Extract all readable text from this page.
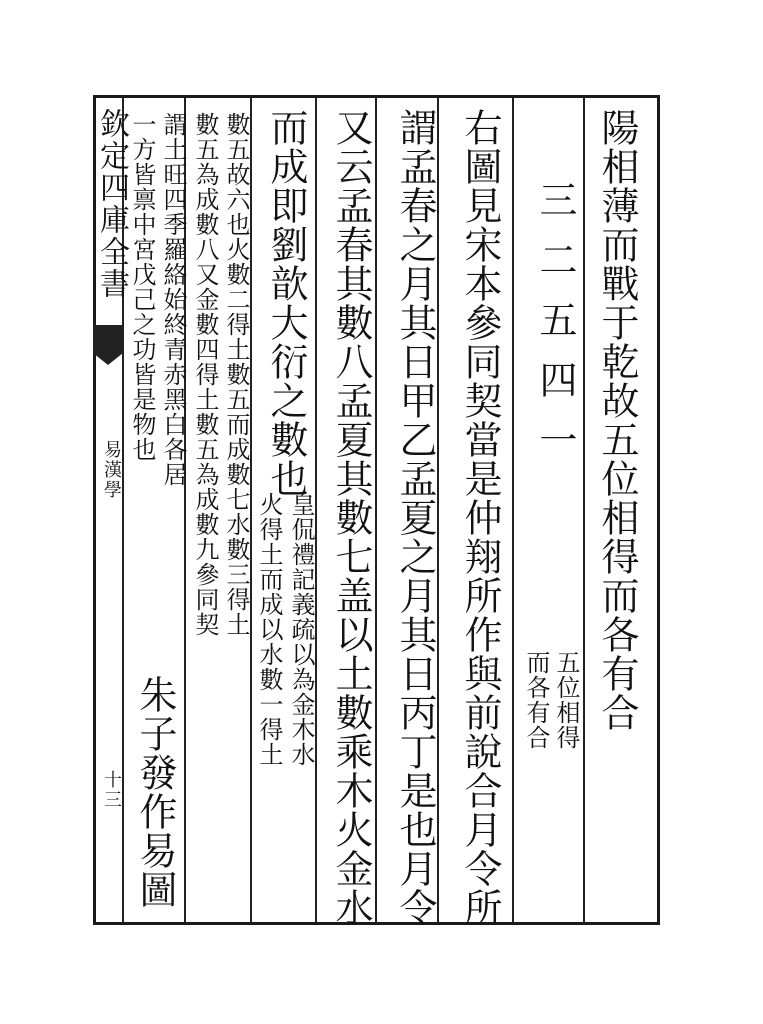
欽定四庫全書
易漢學
十三
陽相薄而戰于乾故五位相得而各有合
三二五四一
五位相得
而各有合
右圖見宋本參同契當是仲翔所作與前說合月令所
謂孟春之月其日甲乙孟夏之月其日丙丁是也月令
又云孟春其數八孟夏其數七盖以土數乘木火金水
而成即劉歆大衍之數也
皇侃禮記義疏以為金木水
火得土而成以水數一得土
數五故六也火數二得土數五而成數七水數三得土
數五為成數八又金數四得土數五為成數九參同契
謂土旺四季羅絡始終青赤黑白各居
一方皆禀中宮戊己之功皆是物也
朱子發作易圖
